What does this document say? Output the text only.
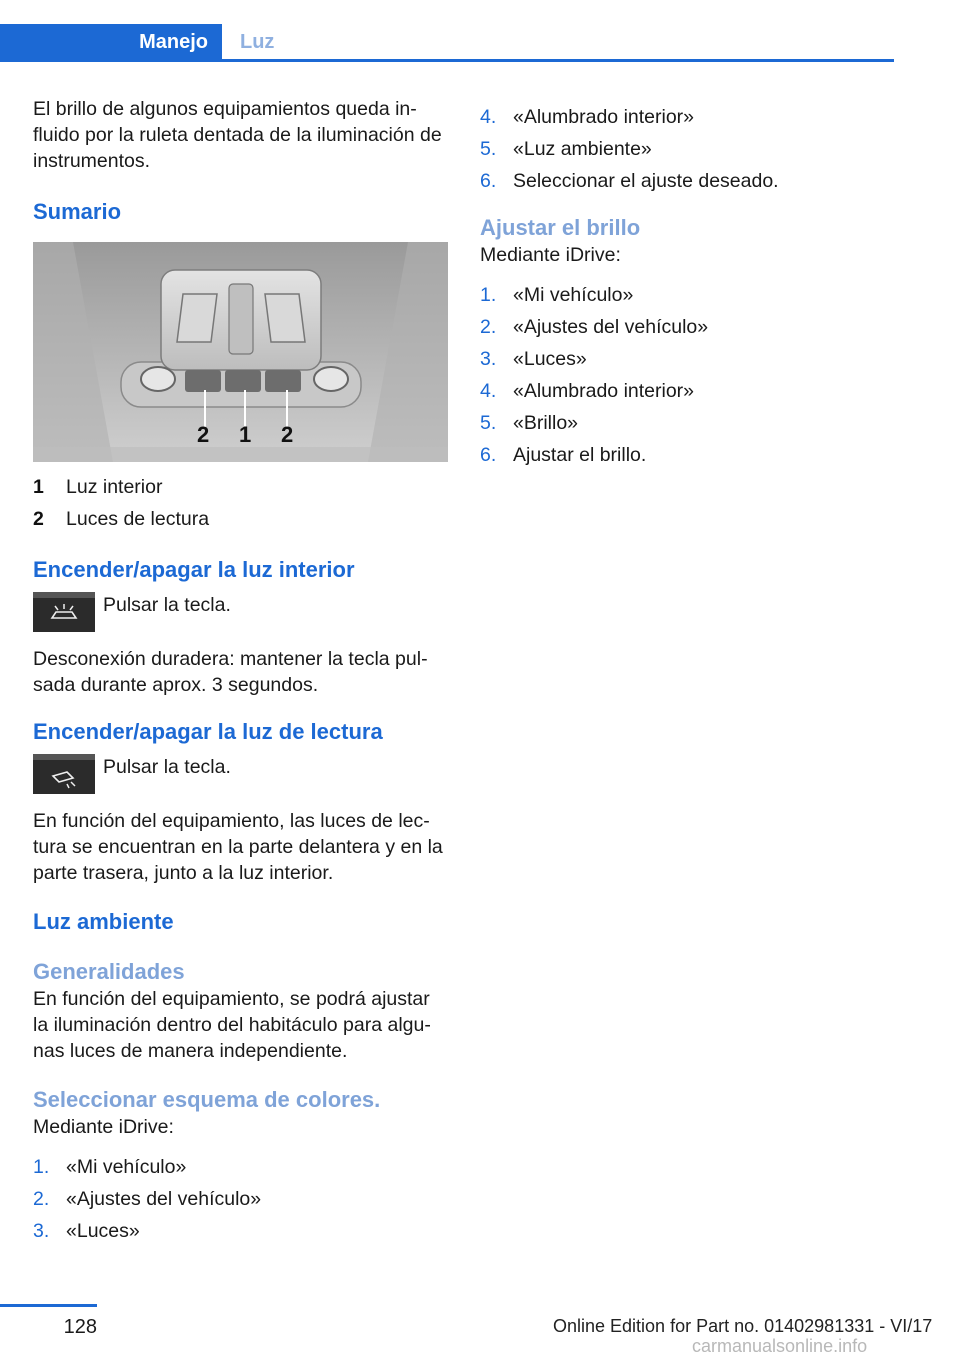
Manejo	Luz

El brillo de algunos equipamientos queda in-
fluido por la ruleta dentada de la iluminación de
instrumentos.

Sumario
2 1 2
1	Luz interior
2	Luces de lectura
Encender/apagar la luz interior

Pulsar la tecla.

Desconexión duradera: mantener la tecla pul-
sada durante aprox. 3 segundos.

Encender/apagar la luz de lectura

Pulsar la tecla.

En función del equipamiento, las luces de lec-
tura se encuentran en la parte delantera y en la
parte trasera, junto a la luz interior.

Luz ambiente
Generalidades

En función del equipamiento, se podrá ajustar
la iluminación dentro del habitáculo para algu-
nas luces de manera independiente.

Seleccionar esquema de colores.

Mediante iDrive:

1. «Mi vehículo»
2. «Ajustes del vehículo»
3. «Luces»
4. «Alumbrado interior»
5. «Luz ambiente»
6. Seleccionar el ajuste deseado.
Ajustar el brillo

Mediante iDrive:

1. «Mi vehículo»
2. «Ajustes del vehículo»
3. «Luces»
4. «Alumbrado interior»
5. «Brillo»
6. Ajustar el brillo.
128	Online Edition for Part no. 01402981331 - VI/17
carmanualsonline.info
